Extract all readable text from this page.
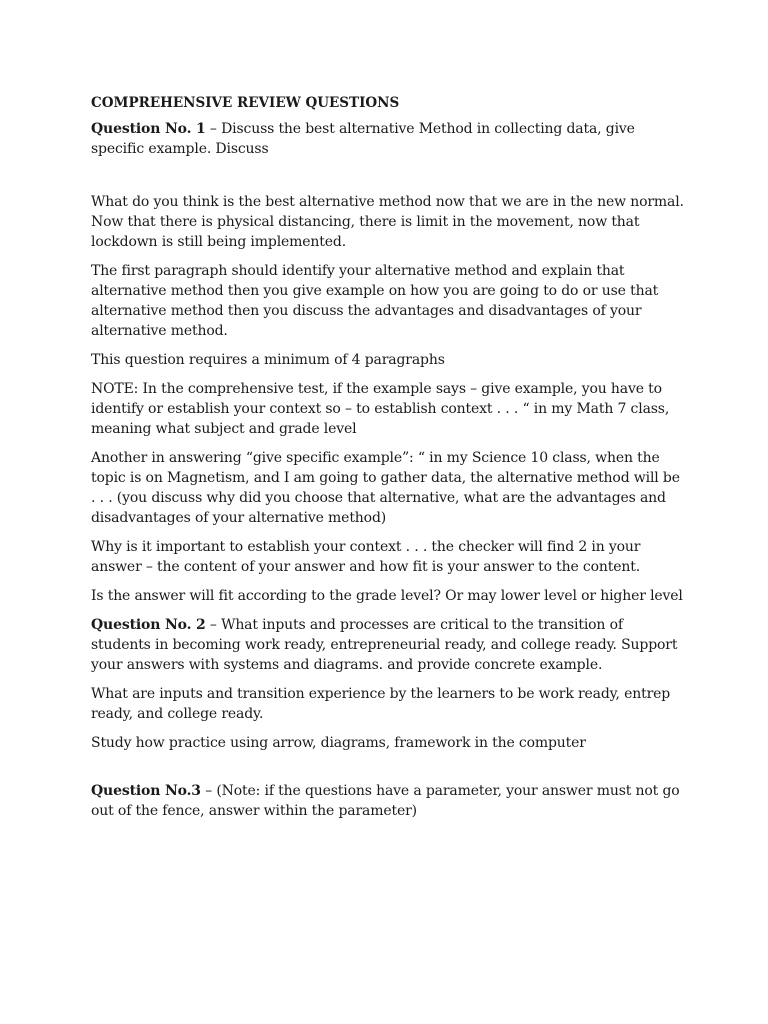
COMPREHENSIVE REVIEW QUESTIONS

Question No. 1 – Discuss the best alternative Method in collecting data, give specific example. Discuss

What do you think is the best alternative method now that we are in the new normal. Now that there is physical distancing, there is limit in the movement, now that lockdown is still being implemented.

The first paragraph should identify your alternative method and explain that alternative method then you give example on how you are going to do or use that alternative method then you discuss the advantages and disadvantages of your alternative method.

This question requires a minimum of 4 paragraphs

NOTE: In the comprehensive test, if the example says – give example, you have to identify or establish your context so – to establish context . . . “ in my Math 7 class, meaning what subject and grade level

Another in answering “give specific example”: “ in my Science 10 class, when the topic is on Magnetism, and I am going to gather data, the alternative method will be . . . (you discuss why did you choose that alternative, what are the advantages and disadvantages of your alternative method)

Why is it important to establish your context . . . the checker will find 2 in your answer – the content of your answer and how fit is your answer to the content.

Is the answer will fit according to the grade level? Or may lower level or higher level

Question No. 2 – What inputs and processes are critical to the transition of students in becoming work ready, entrepreneurial ready, and college ready. Support your answers with systems and diagrams. and provide concrete example.

What are inputs and transition experience by the learners to be work ready, entrep ready, and college ready.

Study how practice using arrow, diagrams, framework in the computer

Question No.3 – (Note: if the questions have a parameter, your answer must not go out of the fence, answer within the parameter)
